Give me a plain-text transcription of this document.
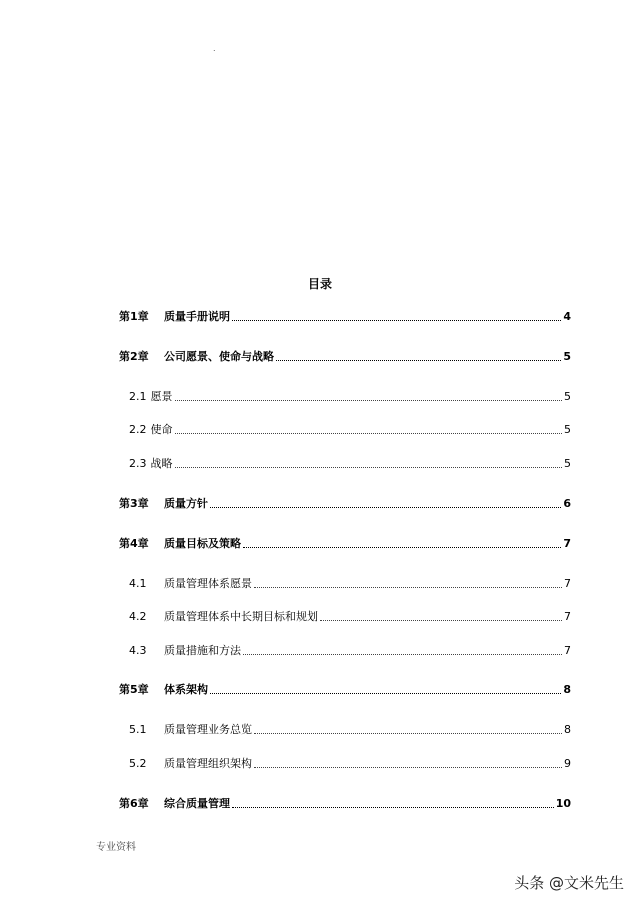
.
目录
第1章	质量手册说明	4
第2章	公司愿景、使命与战略	5
2.1 愿景	5
2.2 使命	5
2.3 战略	5
第3章	质量方针	6
第4章	质量目标及策略	7
4.1	质量管理体系愿景	7
4.2	质量管理体系中长期目标和规划	7
4.3	质量措施和方法	7
第5章	体系架构	8
5.1	质量管理业务总览	8
5.2	质量管理组织架构	9
第6章	综合质量管理	10
专业资料
头条 @文米先生
